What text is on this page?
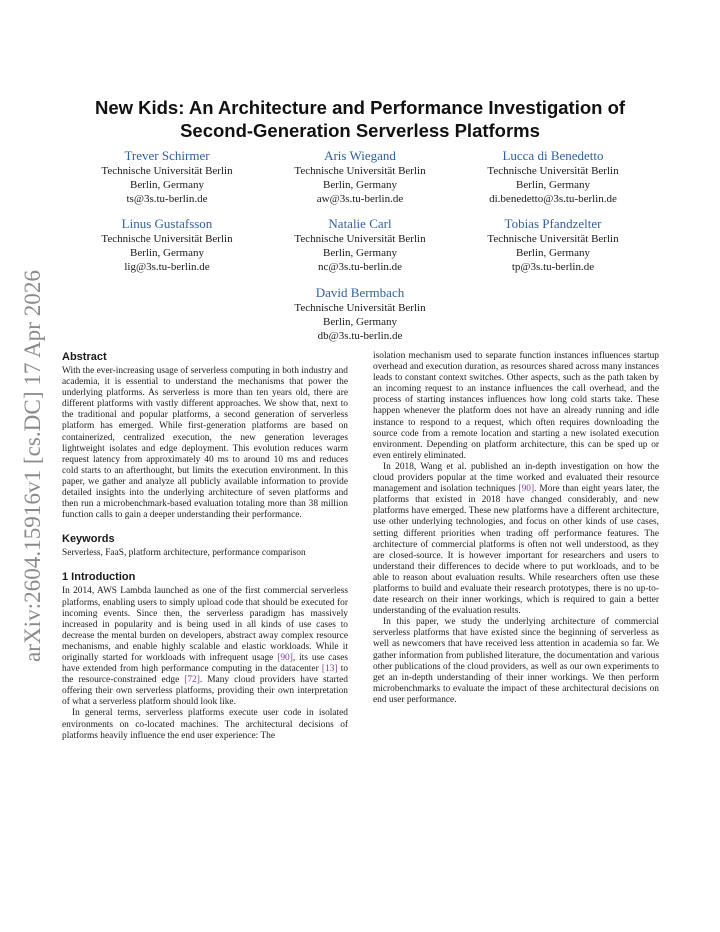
arXiv:2604.15916v1 [cs.DC] 17 Apr 2026
New Kids: An Architecture and Performance Investigation of
Second-Generation Serverless Platforms
Trever Schirmer
Technische Universität Berlin
Berlin, Germany
ts@3s.tu-berlin.de
Aris Wiegand
Technische Universität Berlin
Berlin, Germany
aw@3s.tu-berlin.de
Lucca di Benedetto
Technische Universität Berlin
Berlin, Germany
di.benedetto@3s.tu-berlin.de
Linus Gustafsson
Technische Universität Berlin
Berlin, Germany
lig@3s.tu-berlin.de
Natalie Carl
Technische Universität Berlin
Berlin, Germany
nc@3s.tu-berlin.de
Tobias Pfandzelter
Technische Universität Berlin
Berlin, Germany
tp@3s.tu-berlin.de
David Bermbach
Technische Universität Berlin
Berlin, Germany
db@3s.tu-berlin.de
Abstract

With the ever-increasing usage of serverless computing in both industry and academia, it is essential to understand the mechanisms that power the underlying platforms. As serverless is more than ten years old, there are different platforms with vastly different approaches. We show that, next to the traditional and popular platforms, a second generation of serverless platform has emerged. While first-generation platforms are based on containerized, centralized execution, the new generation leverages lightweight isolates and edge deployment. This evolution reduces warm request latency from approximately 40 ms to around 10 ms and reduces cold starts to an afterthought, but limits the execution environment. In this paper, we gather and analyze all publicly available information to provide detailed insights into the underlying architecture of seven platforms and then run a microbenchmark-based evaluation totaling more than 38 million function calls to gain a deeper understanding their performance.

Keywords

Serverless, FaaS, platform architecture, performance comparison

1 Introduction

In 2014, AWS Lambda launched as one of the first commercial serverless platforms, enabling users to simply upload code that should be executed for incoming events. Since then, the serverless paradigm has massively increased in popularity and is being used in all kinds of use cases to decrease the mental burden on developers, abstract away complex resource mechanisms, and enable highly scalable and elastic workloads. While it originally started for workloads with infrequent usage [90], its use cases have extended from high performance computing in the datacenter [13] to the resource-constrained edge [72]. Many cloud providers have started offering their own serverless platforms, providing their own interpretation of what a serverless platform should look like.

In general terms, serverless platforms execute user code in isolated environments on co-located machines. The architectural decisions of platforms heavily influence the end user experience: The

isolation mechanism used to separate function instances influences startup overhead and execution duration, as resources shared across many instances leads to constant context switches. Other aspects, such as the path taken by an incoming request to an instance influences the call overhead, and the process of starting instances influences how long cold starts take. These happen whenever the platform does not have an already running and idle instance to respond to a request, which often requires downloading the source code from a remote location and starting a new isolated execution environment. Depending on platform architecture, this can be sped up or even entirely eliminated.

In 2018, Wang et al. published an in-depth investigation on how the cloud providers popular at the time worked and evaluated their resource management and isolation techniques [90]. More than eight years later, the platforms that existed in 2018 have changed considerably, and new platforms have emerged. These new platforms have a different architecture, use other underlying technologies, and focus on other kinds of use cases, setting different priorities when trading off performance features. The architecture of commercial platforms is often not well understood, as they are closed-source. It is however important for researchers and users to understand their differences to decide where to put workloads, and to be able to reason about evaluation results. While researchers often use these platforms to build and evaluate their research prototypes, there is no up-to-date research on their inner workings, which is required to gain a better understanding of the evaluation results.

In this paper, we study the underlying architecture of commercial serverless platforms that have existed since the beginning of serverless as well as newcomers that have received less attention in academia so far. We gather information from published literature, the documentation and various other publications of the cloud providers, as well as our own experiments to get an in-depth understanding of their inner workings. We then perform microbenchmarks to evaluate the impact of these architectural decisions on end user performance.
